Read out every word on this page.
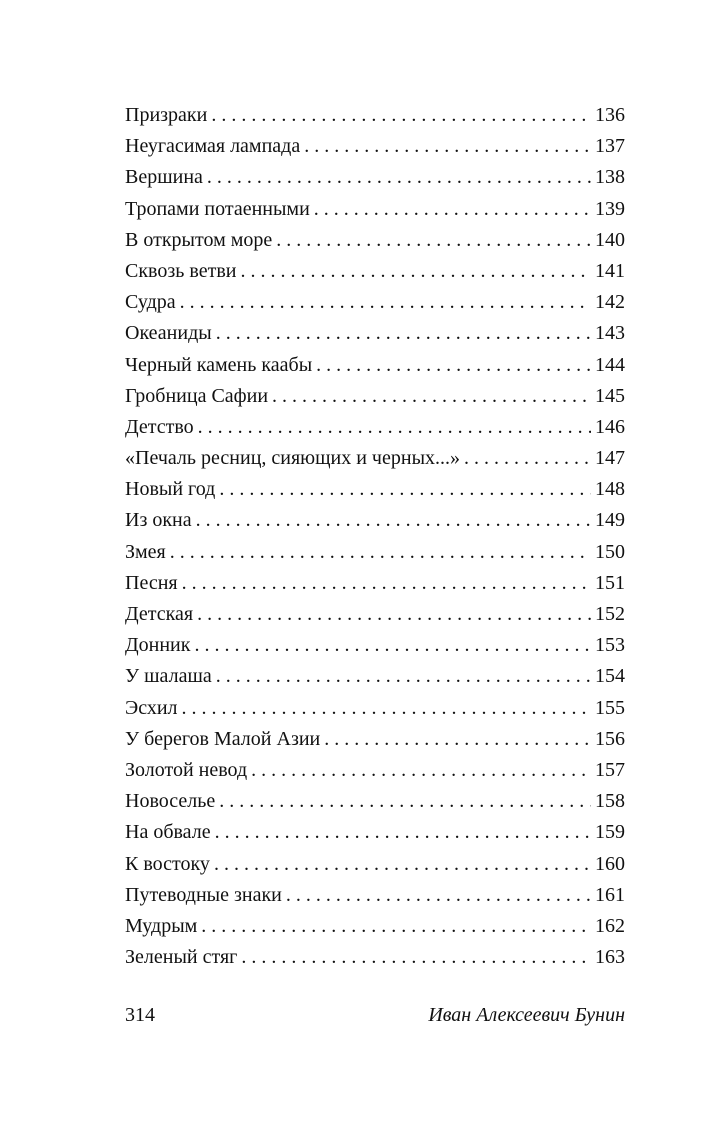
Призраки . . .	136
Неугасимая лампада . . .	137
Вершина . . .	138
Тропами потаенными . . .	139
В открытом море . . .	140
Сквозь ветви . . .	141
Судра . . .	142
Океаниды . . .	143
Черный камень каабы . . .	144
Гробница Сафии . . .	145
Детство . . .	146
«Печаль ресниц, сияющих и черных...» . . .	147
Новый год . . .	148
Из окна . . .	149
Змея . . .	150
Песня . . .	151
Детская . . .	152
Донник . . .	153
У шалаша . . .	154
Эсхил . . .	155
У берегов Малой Азии . . .	156
Золотой невод . . .	157
Новоселье . . .	158
На обвале . . .	159
К востоку . . .	160
Путеводные знаки . . .	161
Мудрым . . .	162
Зеленый стяг . . .	163
314	Иван Алексеевич Бунин
